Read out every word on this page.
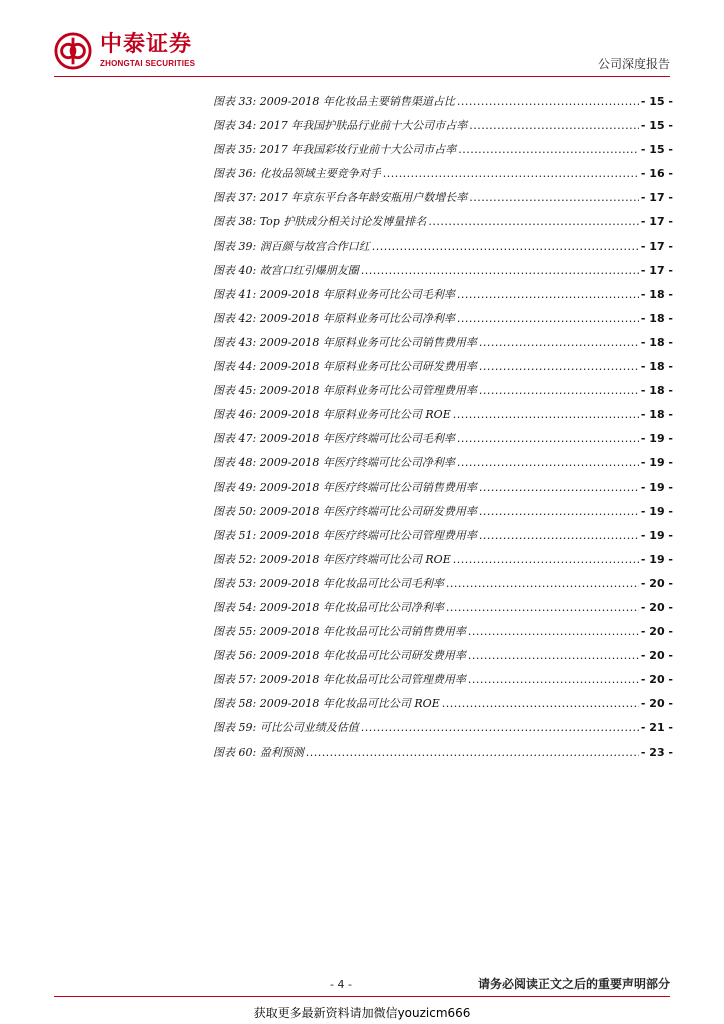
中泰证券
ZHONGTAI SECURITIES	公司深度报告
图表 33: 2009-2018 年化妆品主要销售渠道占比 .....	- 15 -
图表 34: 2017 年我国护肤品行业前十大公司市占率 .....	- 15 -
图表 35: 2017 年我国彩妆行业前十大公司市占率 .....	- 15 -
图表 36: 化妆品领域主要竞争对手 .....	- 16 -
图表 37: 2017 年京东平台各年龄安瓶用户数增长率 .....	- 17 -
图表 38: Top 护肤成分相关讨论发博量排名 .....	- 17 -
图表 39: 润百颜与故宫合作口红 .....	- 17 -
图表 40: 故宫口红引爆朋友圈 .....	- 17 -
图表 41: 2009-2018 年原料业务可比公司毛利率 .....	- 18 -
图表 42: 2009-2018 年原料业务可比公司净利率 .....	- 18 -
图表 43: 2009-2018 年原料业务可比公司销售费用率 .....	- 18 -
图表 44: 2009-2018 年原料业务可比公司研发费用率 .....	- 18 -
图表 45: 2009-2018 年原料业务可比公司管理费用率 .....	- 18 -
图表 46: 2009-2018 年原料业务可比公司 ROE .....	- 18 -
图表 47: 2009-2018 年医疗终端可比公司毛利率 .....	- 19 -
图表 48: 2009-2018 年医疗终端可比公司净利率 .....	- 19 -
图表 49: 2009-2018 年医疗终端可比公司销售费用率 .....	- 19 -
图表 50: 2009-2018 年医疗终端可比公司研发费用率 .....	- 19 -
图表 51: 2009-2018 年医疗终端可比公司管理费用率 .....	- 19 -
图表 52: 2009-2018 年医疗终端可比公司 ROE .....	- 19 -
图表 53: 2009-2018 年化妆品可比公司毛利率 .....	- 20 -
图表 54: 2009-2018 年化妆品可比公司净利率 .....	- 20 -
图表 55: 2009-2018 年化妆品可比公司销售费用率 .....	- 20 -
图表 56: 2009-2018 年化妆品可比公司研发费用率 .....	- 20 -
图表 57: 2009-2018 年化妆品可比公司管理费用率 .....	- 20 -
图表 58: 2009-2018 年化妆品可比公司 ROE .....	- 20 -
图表 59: 可比公司业绩及估值 .....	- 21 -
图表 60: 盈利预测 .....	- 23 -
- 4 -	请务必阅读正文之后的重要声明部分
获取更多最新资料请加微信youzicm666
